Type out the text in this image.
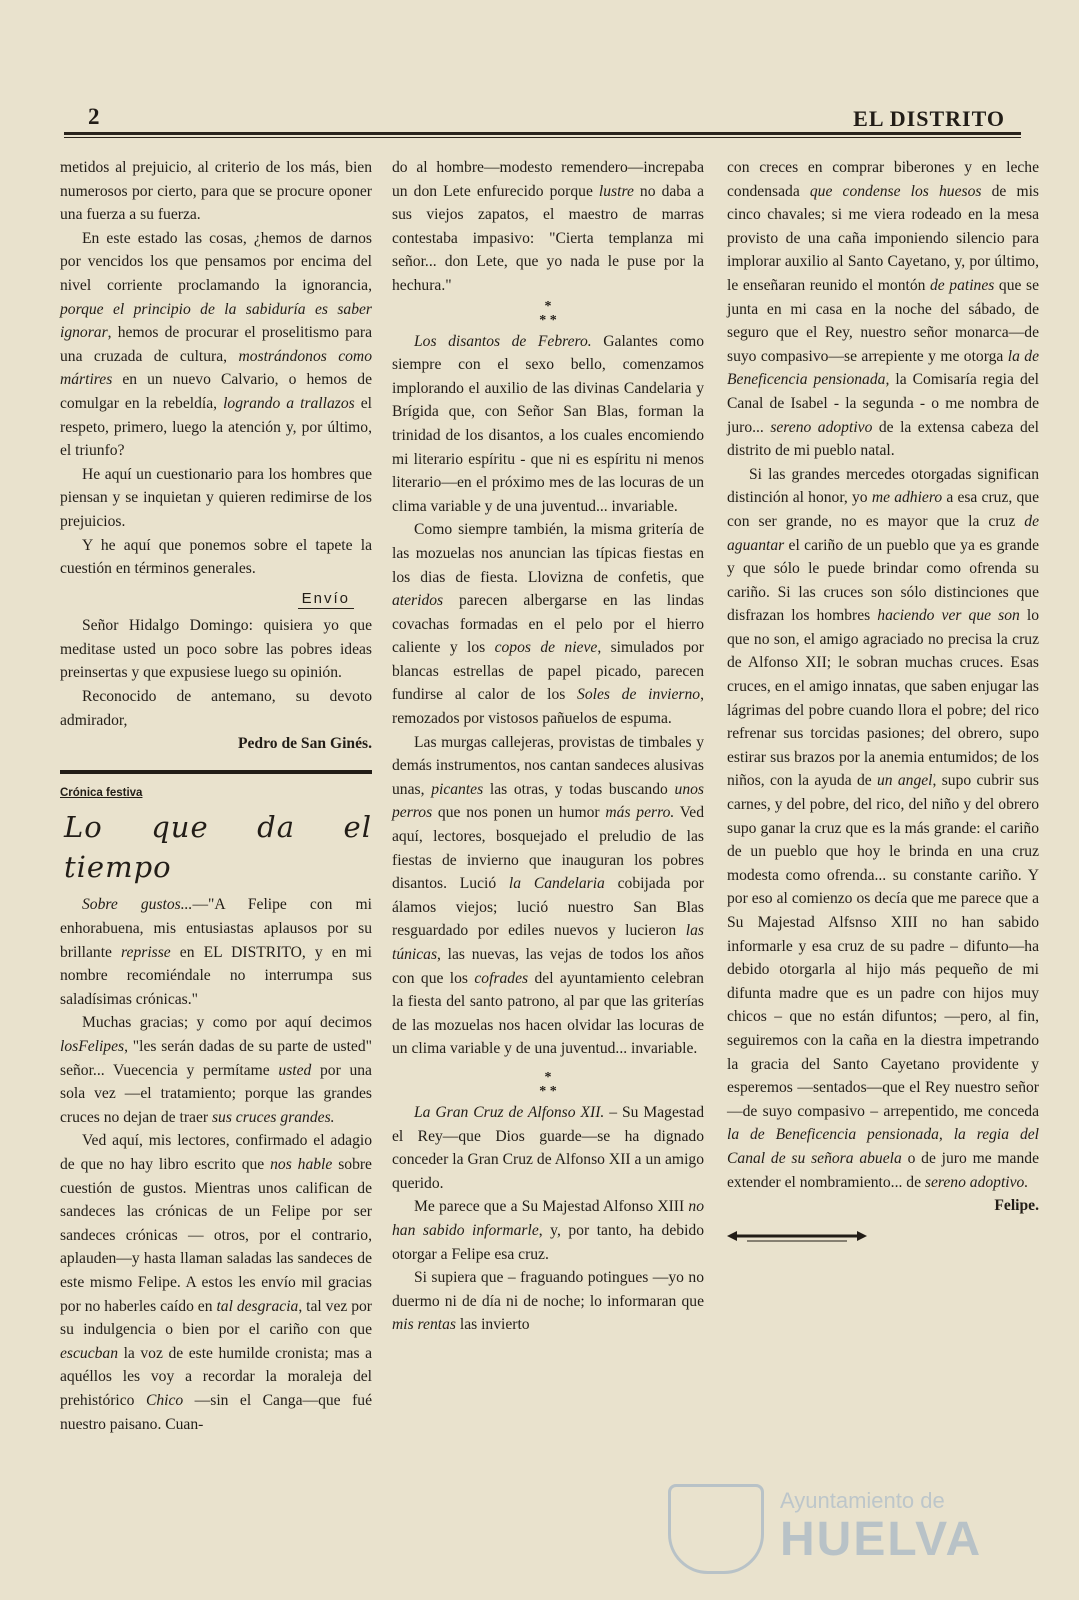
2	EL DISTRITO

metidos al prejuicio, al criterio de los más, bien numerosos por cierto, para que se procure oponer una fuerza a su fuerza.

En este estado las cosas, ¿hemos de darnos por vencidos los que pensamos por encima del nivel corriente proclamando la ignorancia, porque el principio de la sabiduría es saber ignorar, hemos de procurar el proselitismo para una cruzada de cultura, mostrándonos como mártires en un nuevo Calvario, o hemos de comulgar en la rebeldía, logrando a trallazos el respeto, primero, luego la atención y, por último, el triunfo?

He aquí un cuestionario para los hombres que piensan y se inquietan y quieren redimirse de los prejuicios.

Y he aquí que ponemos sobre el tapete la cuestión en términos generales.

Envío

Señor Hidalgo Domingo: quisiera yo que meditase usted un poco sobre las pobres ideas preinsertas y que expusiese luego su opinión.

Reconocido de antemano, su devoto admirador,

Pedro de San Ginés.

Crónica festiva
Lo que da el tiempo

Sobre gustos...—"A Felipe con mi enhorabuena, mis entusiastas aplausos por su brillante reprisse en EL DISTRITO, y en mi nombre recomiéndale no interrumpa sus saladísimas crónicas."

Muchas gracias; y como por aquí decimos losFelipes, "les serán dadas de su parte de usted" señor... Vuecencia y permítame usted por una sola vez —el tratamiento; porque las grandes cruces no dejan de traer sus cruces grandes.

Ved aquí, mis lectores, confirmado el adagio de que no hay libro escrito que nos hable sobre cuestión de gustos. Mientras unos califican de sandeces las crónicas de un Felipe por ser sandeces crónicas — otros, por el contrario, aplauden—y hasta llaman saladas las sandeces de este mismo Felipe. A estos les envío mil gracias por no haberles caído en tal desgracia, tal vez por su indulgencia o bien por el cariño con que escucban la voz de este humilde cronista; mas a aquéllos les voy a recordar la moraleja del prehistórico Chico —sin el Canga—que fué nuestro paisano. Cuan-

do al hombre—modesto remendero—increpaba un don Lete enfurecido porque lustre no daba a sus viejos zapatos, el maestro de marras contestaba impasivo: "Cierta templanza mi señor... don Lete, que yo nada le puse por la hechura."

*
* *

Los disantos de Febrero. Galantes como siempre con el sexo bello, comenzamos implorando el auxilio de las divinas Candelaria y Brígida que, con Señor San Blas, forman la trinidad de los disantos, a los cuales encomiendo mi literario espíritu - que ni es espíritu ni menos literario—en el próximo mes de las locuras de un clima variable y de una juventud... invariable.

Como siempre también, la misma gritería de las mozuelas nos anuncian las típicas fiestas en los dias de fiesta. Llovizna de confetis, que ateridos parecen albergarse en las lindas covachas formadas en el pelo por el hierro caliente y los copos de nieve, simulados por blancas estrellas de papel picado, parecen fundirse al calor de los Soles de invierno, remozados por vistosos pañuelos de espuma.

Las murgas callejeras, provistas de timbales y demás instrumentos, nos cantan sandeces alusivas unas, picantes las otras, y todas buscando unos perros que nos ponen un humor más perro. Ved aquí, lectores, bosquejado el preludio de las fiestas de invierno que inauguran los pobres disantos. Lució la Candelaria cobijada por álamos viejos; lució nuestro San Blas resguardado por ediles nuevos y lucieron las túnicas, las nuevas, las vejas de todos los años con que los cofrades del ayuntamiento celebran la fiesta del santo patrono, al par que las griterías de las mozuelas nos hacen olvidar las locuras de un clima variable y de una juventud... invariable.

*
* *

La Gran Cruz de Alfonso XII. – Su Magestad el Rey—que Dios guarde—se ha dignado conceder la Gran Cruz de Alfonso XII a un amigo querido.

Me parece que a Su Majestad Alfonso XIII no han sabido informarle, y, por tanto, ha debido otorgar a Felipe esa cruz.

Si supiera que – fraguando potingues —yo no duermo ni de día ni de noche; lo informaran que mis rentas las invierto

con creces en comprar biberones y en leche condensada que condense los huesos de mis cinco chavales; si me viera rodeado en la mesa provisto de una caña imponiendo silencio para implorar auxilio al Santo Cayetano, y, por último, le enseñaran reunido el montón de patines que se junta en mi casa en la noche del sábado, de seguro que el Rey, nuestro señor monarca—de suyo compasivo—se arrepiente y me otorga la de Beneficencia pensionada, la Comisaría regia del Canal de Isabel - la segunda - o me nombra de juro... sereno adoptivo de la extensa cabeza del distrito de mi pueblo natal.

Si las grandes mercedes otorgadas significan distinción al honor, yo me adhiero a esa cruz, que con ser grande, no es mayor que la cruz de aguantar el cariño de un pueblo que ya es grande y que sólo le puede brindar como ofrenda su cariño. Si las cruces son sólo distinciones que disfrazan los hombres haciendo ver que son lo que no son, el amigo agraciado no precisa la cruz de Alfonso XII; le sobran muchas cruces. Esas cruces, en el amigo innatas, que saben enjugar las lágrimas del pobre cuando llora el pobre; del rico refrenar sus torcidas pasiones; del obrero, supo estirar sus brazos por la anemia entumidos; de los niños, con la ayuda de un angel, supo cubrir sus carnes, y del pobre, del rico, del niño y del obrero supo ganar la cruz que es la más grande: el cariño de un pueblo que hoy le brinda en una cruz modesta como ofrenda... su constante cariño. Y por eso al comienzo os decía que me parece que a Su Majestad Alfsnso XIII no han sabido informarle y esa cruz de su padre – difunto—ha debido otorgarla al hijo más pequeño de mi difunta madre que es un padre con hijos muy chicos – que no están difuntos; —pero, al fin, seguiremos con la caña en la diestra impetrando la gracia del Santo Cayetano providente y esperemos —sentados—que el Rey nuestro señor —de suyo compasivo – arrepentido, me conceda la de Beneficencia pensionada, la regia del Canal de su señora abuela o de juro me mande extender el nombramiento... de sereno adoptivo.

Felipe.

Ayuntamiento de
HUELVA
